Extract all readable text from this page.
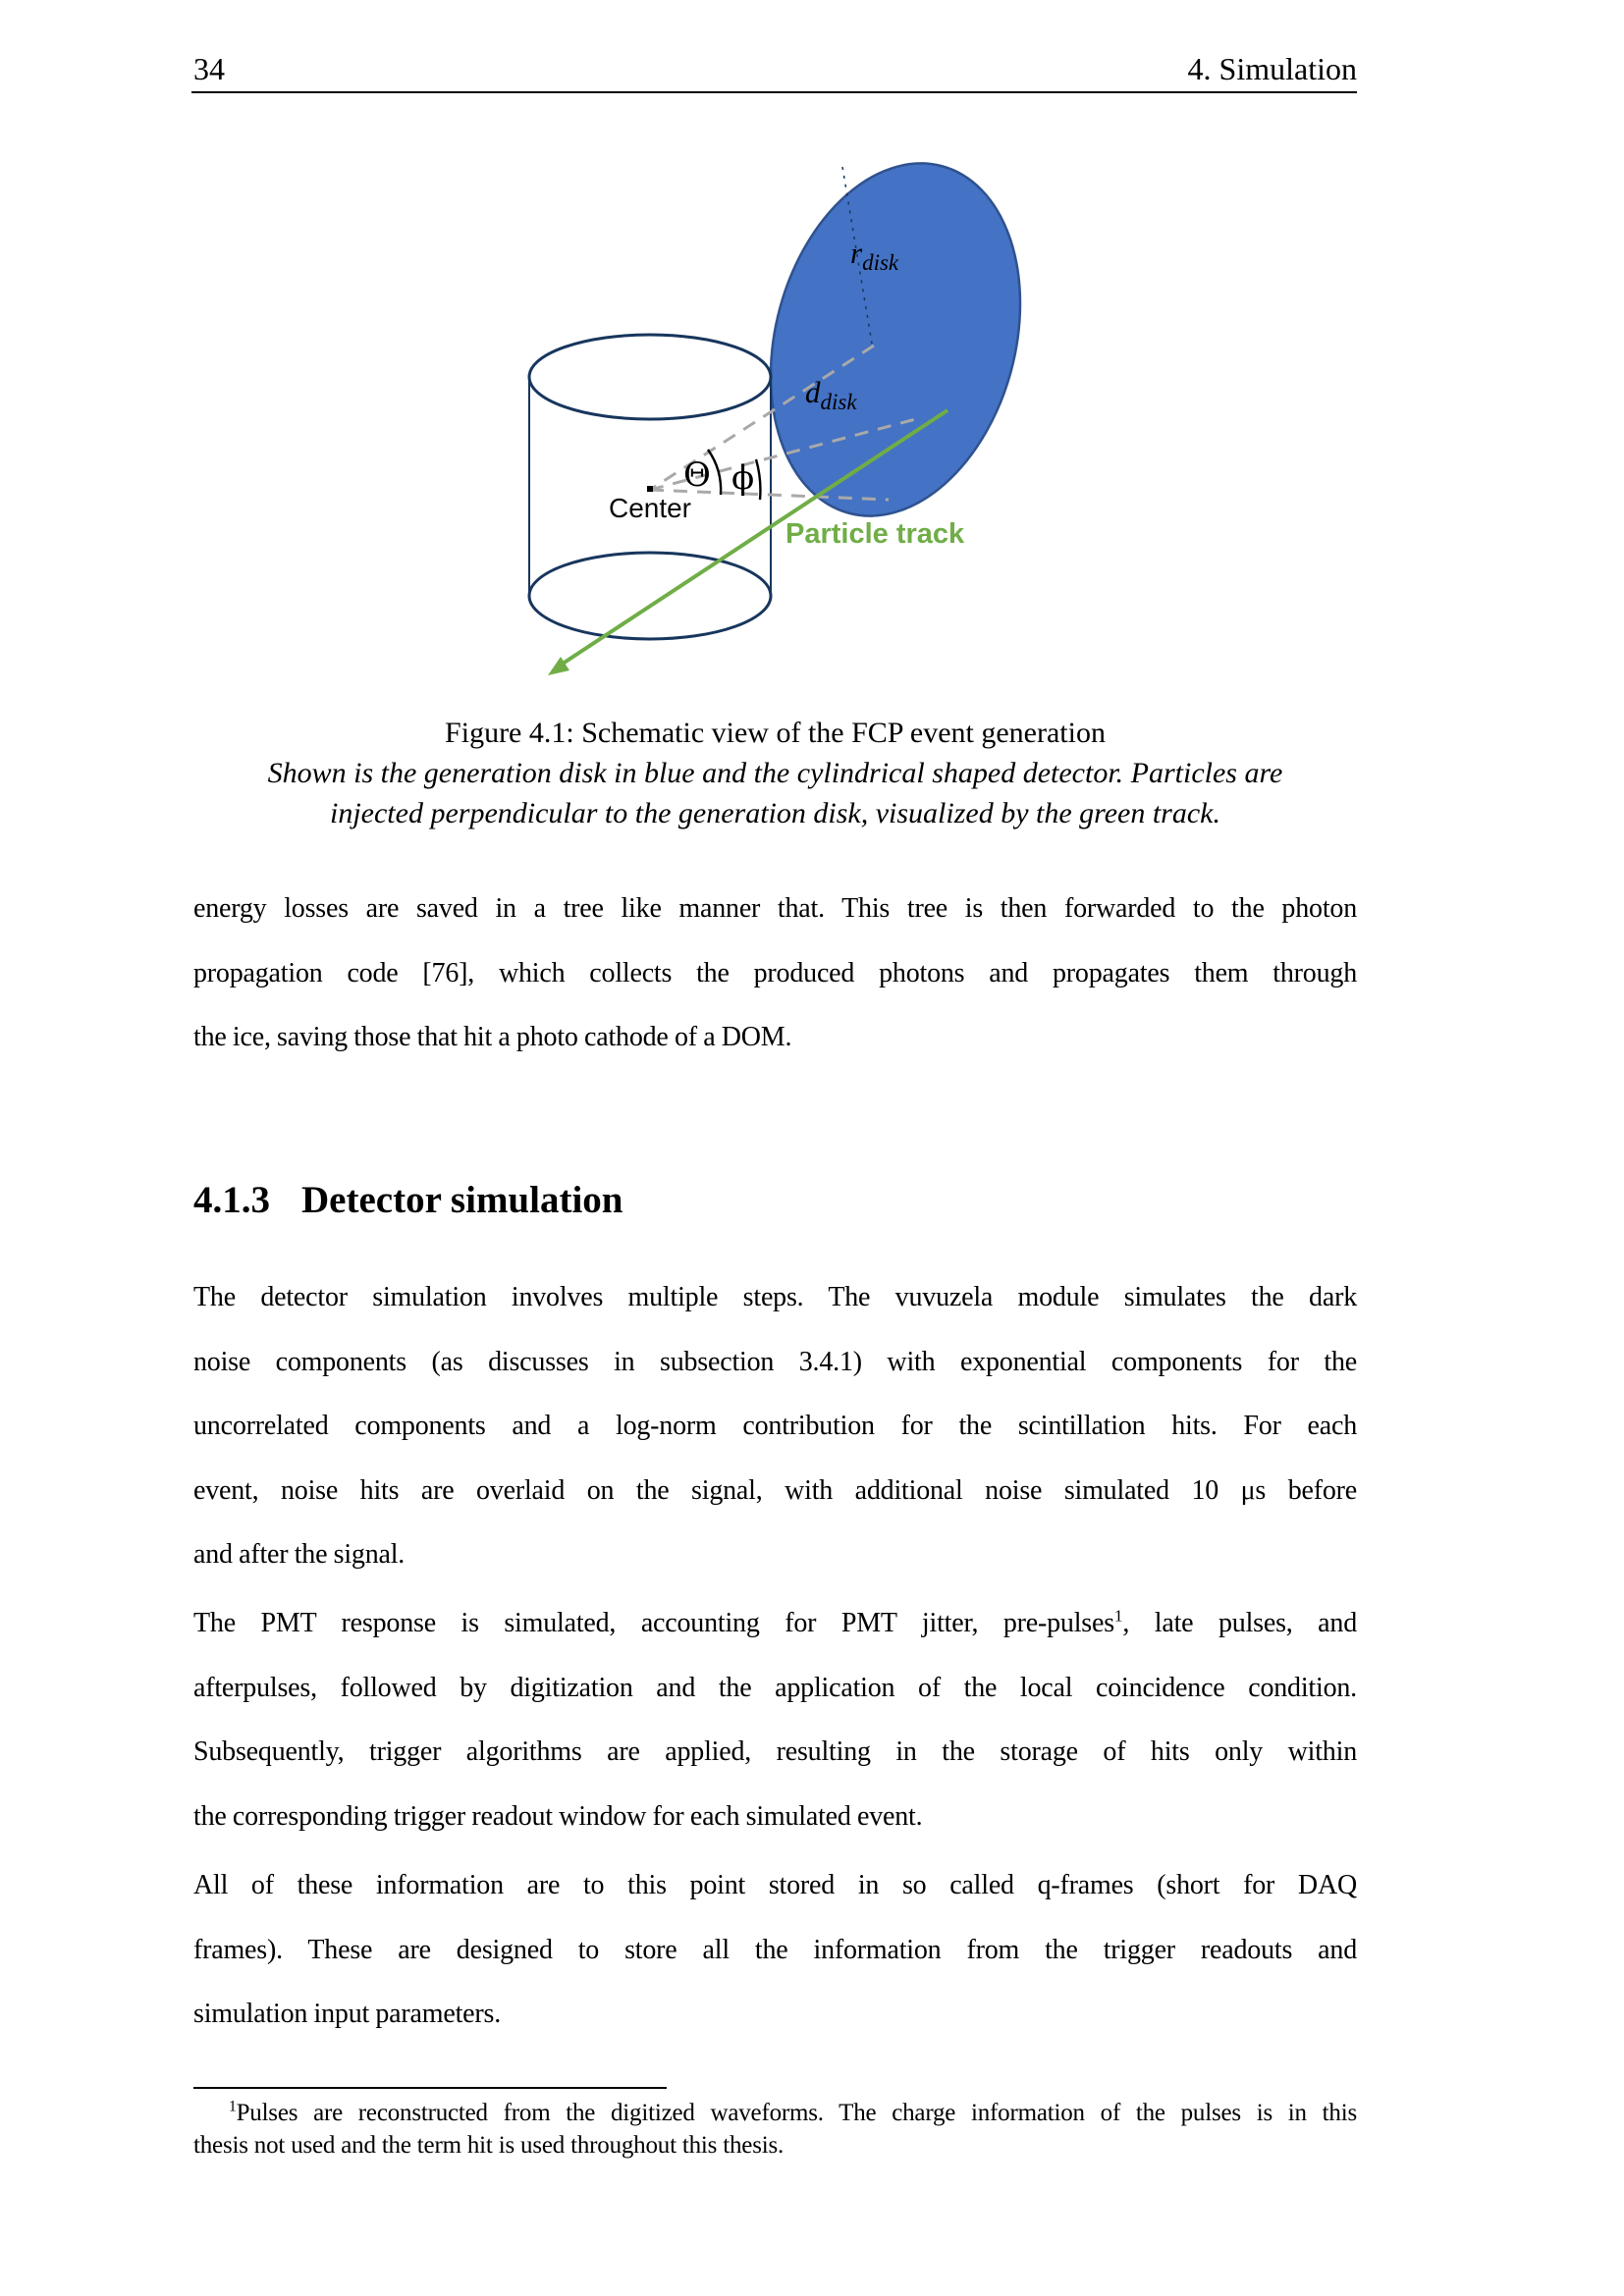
34	4. Simulation
$r_{disk}$
$d_{disk}$
Θ ϕ
Center
Particle track
Figure 4.1: Schematic view of the FCP event generation
Shown is the generation disk in blue and the cylindrical shaped detector. Particles are
injected perpendicular to the generation disk, visualized by the green track.
energy losses are saved in a tree like manner that. This tree is then forwarded to the photon
propagation code [76], which collects the produced photons and propagates them through
the ice, saving those that hit a photo cathode of a DOM.
4.1.3 Detector simulation
The detector simulation involves multiple steps. The vuvuzela module simulates the dark
noise components (as discusses in subsection 3.4.1) with exponential components for the
uncorrelated components and a log-norm contribution for the scintillation hits. For each
event, noise hits are overlaid on the signal, with additional noise simulated 10 μs before
and after the signal.
The PMT response is simulated, accounting for PMT jitter, pre-pulses$^1$, late pulses, and
afterpulses, followed by digitization and the application of the local coincidence condition.
Subsequently, trigger algorithms are applied, resulting in the storage of hits only within
the corresponding trigger readout window for each simulated event.
All of these information are to this point stored in so called q-frames (short for DAQ
frames). These are designed to store all the information from the trigger readouts and
simulation input parameters.
$^1$Pulses are reconstructed from the digitized waveforms. The charge information of the pulses is in this
thesis not used and the term hit is used throughout this thesis.
